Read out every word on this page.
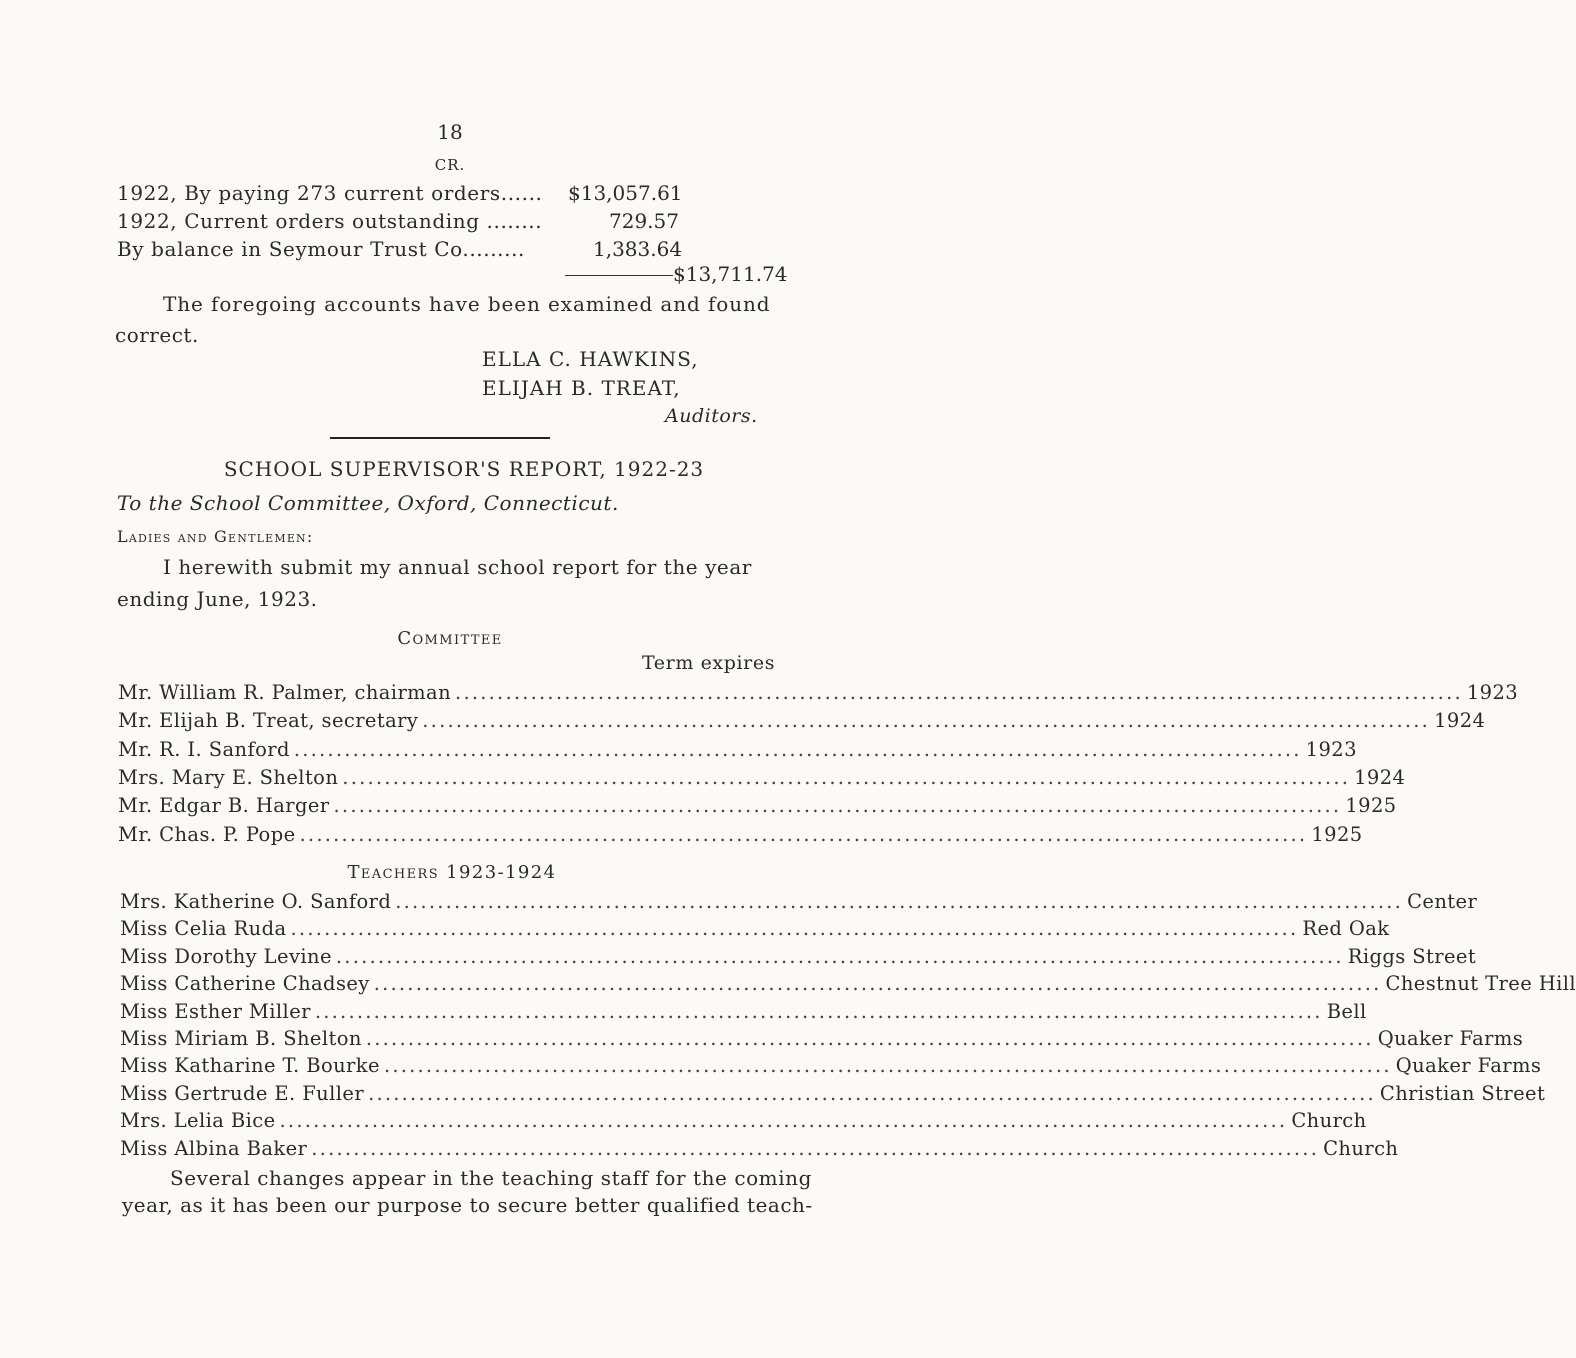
18
CR.
1922, By paying 273 current orders...... $13,057.61
1922, Current orders outstanding ........	729.57
By balance in Seymour Trust Co.........	1,383.64
$13,711.74
The foregoing accounts have been examined and found
correct.
ELLA C. HAWKINS,
ELIJAH B. TREAT,
Auditors.
SCHOOL SUPERVISOR'S REPORT, 1922-23
To the School Committee, Oxford, Connecticut.
Ladies and Gentlemen:
I herewith submit my annual school report for the year
ending June, 1923.
Committee
Term expires
Mr. William R. Palmer, chairman ........................................................................................................................ 1923
Mr. Elijah B. Treat, secretary ........................................................................................................................ 1924
Mr. R. I. Sanford ........................................................................................................................ 1923
Mrs. Mary E. Shelton ........................................................................................................................ 1924
Mr. Edgar B. Harger ........................................................................................................................ 1925
Mr. Chas. P. Pope ........................................................................................................................ 1925
Teachers 1923-1924
Mrs. Katherine O. Sanford ........................................................................................................................ Center
Miss Celia Ruda ........................................................................................................................ Red Oak
Miss Dorothy Levine ........................................................................................................................ Riggs Street
Miss Catherine Chadsey ........................................................................................................................ Chestnut Tree Hill
Miss Esther Miller ........................................................................................................................ Bell
Miss Miriam B. Shelton ........................................................................................................................ Quaker Farms
Miss Katharine T. Bourke ........................................................................................................................ Quaker Farms
Miss Gertrude E. Fuller ........................................................................................................................ Christian Street
Mrs. Lelia Bice ........................................................................................................................ Church
Miss Albina Baker ........................................................................................................................ Church
Several changes appear in the teaching staff for the coming
year, as it has been our purpose to secure better qualified teach-
